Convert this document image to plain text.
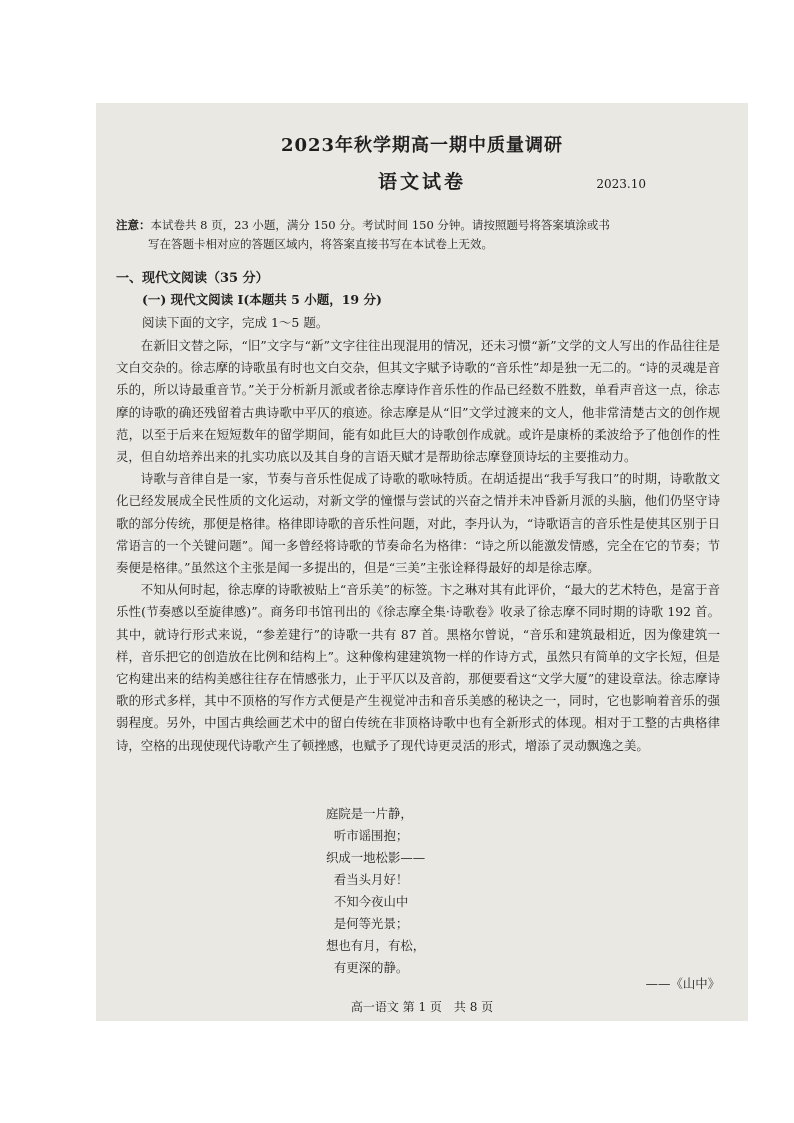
2023年秋学期高一期中质量调研
语文试卷	2023.10
注意：本试卷共 8 页，23 小题，满分 150 分。考试时间 150 分钟。请按照题号将答案填涂或书
写在答题卡相对应的答题区域内，将答案直接书写在本试卷上无效。
一、现代文阅读（35 分）
(一) 现代文阅读 Ⅰ(本题共 5 小题，19 分)
阅读下面的文字，完成 1～5 题。

在新旧文替之际，“旧”文字与“新”文字往往出现混用的情况，还未习惯“新”文学的文人写出的作品往往是文白交杂的。徐志摩的诗歌虽有时也文白交杂，但其文字赋予诗歌的“音乐性”却是独一无二的。“诗的灵魂是音乐的，所以诗最重音节。”关于分析新月派或者徐志摩诗作音乐性的作品已经数不胜数，单看声音这一点，徐志摩的诗歌的确还残留着古典诗歌中平仄的痕迹。徐志摩是从“旧”文学过渡来的文人，他非常清楚古文的创作规范，以至于后来在短短数年的留学期间，能有如此巨大的诗歌创作成就。或许是康桥的柔波给予了他创作的性灵，但自幼培养出来的扎实功底以及其自身的言语天赋才是帮助徐志摩登顶诗坛的主要推动力。

诗歌与音律自是一家，节奏与音乐性促成了诗歌的歌咏特质。在胡适提出“我手写我口”的时期，诗歌散文化已经发展成全民性质的文化运动，对新文学的憧憬与尝试的兴奋之情并未冲昏新月派的头脑，他们仍坚守诗歌的部分传统，那便是格律。格律即诗歌的音乐性问题，对此，李丹认为，“诗歌语言的音乐性是使其区别于日常语言的一个关键问题”。闻一多曾经将诗歌的节奏命名为格律：“诗之所以能激发情感，完全在它的节奏；节奏便是格律。”虽然这个主张是闻一多提出的，但是“三美”主张诠释得最好的却是徐志摩。

不知从何时起，徐志摩的诗歌被贴上“音乐美”的标签。卞之琳对其有此评价，“最大的艺术特色，是富于音乐性(节奏感以至旋律感)”。商务印书馆刊出的《徐志摩全集·诗歌卷》收录了徐志摩不同时期的诗歌 192 首。其中，就诗行形式来说，“参差建行”的诗歌一共有 87 首。黑格尔曾说，“音乐和建筑最相近，因为像建筑一样，音乐把它的创造放在比例和结构上”。这种像构建建筑物一样的作诗方式，虽然只有简单的文字长短，但是它构建出来的结构美感往往存在情感张力，止于平仄以及音韵，那便要看这“文学大厦”的建设章法。徐志摩诗歌的形式多样，其中不顶格的写作方式便是产生视觉冲击和音乐美感的秘诀之一，同时，它也影响着音乐的强弱程度。另外，中国古典绘画艺术中的留白传统在非顶格诗歌中也有全新形式的体现。相对于工整的古典格律诗，空格的出现使现代诗歌产生了顿挫感，也赋予了现代诗更灵活的形式，增添了灵动飘逸之美。

庭院是一片静，
听市谣围抱；
织成一地松影——
看当头月好！
不知今夜山中
是何等光景；
想也有月，有松，
有更深的静。
——《山中》
高一语文 第 1 页　共 8 页
